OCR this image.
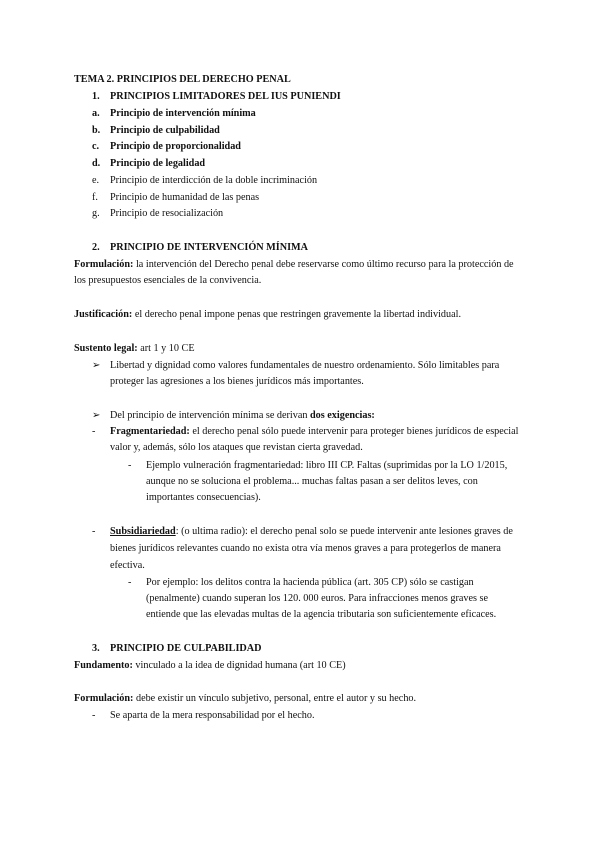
TEMA 2. PRINCIPIOS DEL DERECHO PENAL
1. PRINCIPIOS LIMITADORES DEL IUS PUNIENDI
a. Principio de intervención mínima
b. Principio de culpabilidad
c. Principio de proporcionalidad
d. Principio de legalidad
e. Principio de interdicción de la doble incriminación
f. Principio de humanidad de las penas
g. Principio de resocialización
2. PRINCIPIO DE INTERVENCIÓN MÍNIMA
Formulación: la intervención del Derecho penal debe reservarse como último recurso para la protección de
los presupuestos esenciales de la convivencia.
Justificación: el derecho penal impone penas que restringen gravemente la libertad individual.
Sustento legal: art 1 y 10 CE
➢ Libertad y dignidad como valores fundamentales de nuestro ordenamiento. Sólo limitables para
proteger las agresiones a los bienes jurídicos más importantes.
➢ Del principio de intervención mínima se derivan dos exigencias:
- Fragmentariedad: el derecho penal sólo puede intervenir para proteger bienes jurídicos de especial
valor y, además, sólo los ataques que revistan cierta gravedad.
- Ejemplo vulneración fragmentariedad: libro III CP. Faltas (suprimidas por la LO 1/2015,
aunque no se soluciona el problema... muchas faltas pasan a ser delitos leves, con
importantes consecuencias).
- Subsidiariedad: (o ultima radio): el derecho penal solo se puede intervenir ante lesiones graves de
bienes jurídicos relevantes cuando no exista otra vía menos graves a para protegerlos de manera
efectiva.
- Por ejemplo: los delitos contra la hacienda pública (art. 305 CP) sólo se castigan
(penalmente) cuando superan los 120. 000 euros. Para infracciones menos graves se
entiende que las elevadas multas de la agencia tributaria son suficientemente eficaces.
3. PRINCIPIO DE CULPABILIDAD
Fundamento: vinculado a la idea de dignidad humana (art 10 CE)
Formulación: debe existir un vínculo subjetivo, personal, entre el autor y su hecho.
- Se aparta de la mera responsabilidad por el hecho.
